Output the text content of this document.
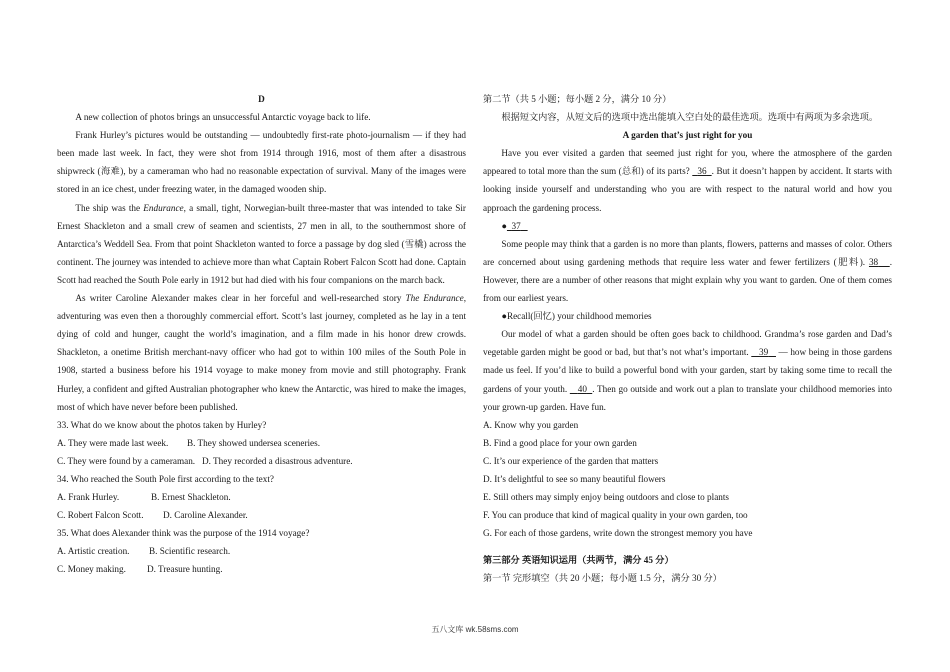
D

A new collection of photos brings an unsuccessful Antarctic voyage back to life.

Frank Hurley’s pictures would be outstanding — undoubtedly first-rate photo-journalism — if they had been made last week. In fact, they were shot from 1914 through 1916, most of them after a disastrous shipwreck (海难), by a cameraman who had no reasonable expectation of survival. Many of the images were stored in an ice chest, under freezing water, in the damaged wooden ship.

The ship was the Endurance, a small, tight, Norwegian-built three-master that was intended to take Sir Ernest Shackleton and a small crew of seamen and scientists, 27 men in all, to the southernmost shore of Antarctica’s Weddell Sea. From that point Shackleton wanted to force a passage by dog sled (雪橇) across the continent. The journey was intended to achieve more than what Captain Robert Falcon Scott had done. Captain Scott had reached the South Pole early in 1912 but had died with his four companions on the march back.

As writer Caroline Alexander makes clear in her forceful and well-researched story The Endurance, adventuring was even then a thoroughly commercial effort. Scott’s last journey, completed as he lay in a tent dying of cold and hunger, caught the world’s imagination, and a film made in his honor drew crowds. Shackleton, a onetime British merchant-navy officer who had got to within 100 miles of the South Pole in 1908, started a business before his 1914 voyage to make money from movie and still photography. Frank Hurley, a confident and gifted Australian photographer who knew the Antarctic, was hired to make the images, most of which have never before been published.

33. What do we know about the photos taken by Hurley?

A. They were made last week.	B. They showed undersea sceneries.
C. They were found by a cameraman. D. They recorded a disastrous adventure.

34. Who reached the South Pole first according to the text?

A. Frank Hurley.	B. Ernest Shackleton.
C. Robert Falcon Scott.	D. Caroline Alexander.

35. What does Alexander think was the purpose of the 1914 voyage?

A. Artistic creation.	B. Scientific research.
C. Money making.	D. Treasure hunting.

第二节（共 5 小题；每小题 2 分，满分 10 分）

根据短文内容，从短文后的选项中选出能填入空白处的最佳选项。选项中有两项为多余选项。

A garden that’s just right for you

Have you ever visited a garden that seemed just right for you, where the atmosphere of the garden appeared to total more than the sum (总和) of its parts?   36 . But it doesn’t happen by accident. It starts with looking inside yourself and understanding who you are with respect to the natural world and how you approach the gardening process.

● 37

Some people may think that a garden is no more than plants, flowers, patterns and masses of color. Others are concerned about using gardening methods that require less water and fewer fertilizers (肥料). 38 . However, there are a number of other reasons that might explain why you want to garden. One of them comes from our earliest years.

●Recall(回忆) your childhood memories

Our model of what a garden should be often goes back to childhood. Grandma’s rose garden and Dad’s vegetable garden might be good or bad, but that’s not what’s important.    39    — how being in those gardens made us feel. If you’d like to build a powerful bond with your garden, start by taking some time to recall the gardens of your youth.    40 . Then go outside and work out a plan to translate your childhood memories into your grown-up garden. Have fun.

A. Know why you garden

B. Find a good place for your own garden

C. It’s our experience of the garden that matters

D. It’s delightful to see so many beautiful flowers

E. Still others may simply enjoy being outdoors and close to plants

F. You can produce that kind of magical quality in your own garden, too

G. For each of those gardens, write down the strongest memory you have

第三部分 英语知识运用（共两节，满分 45 分）

第一节 完形填空（共 20 小题；每小题 1.5 分，满分 30 分）

五八文库 wk.58sms.com
